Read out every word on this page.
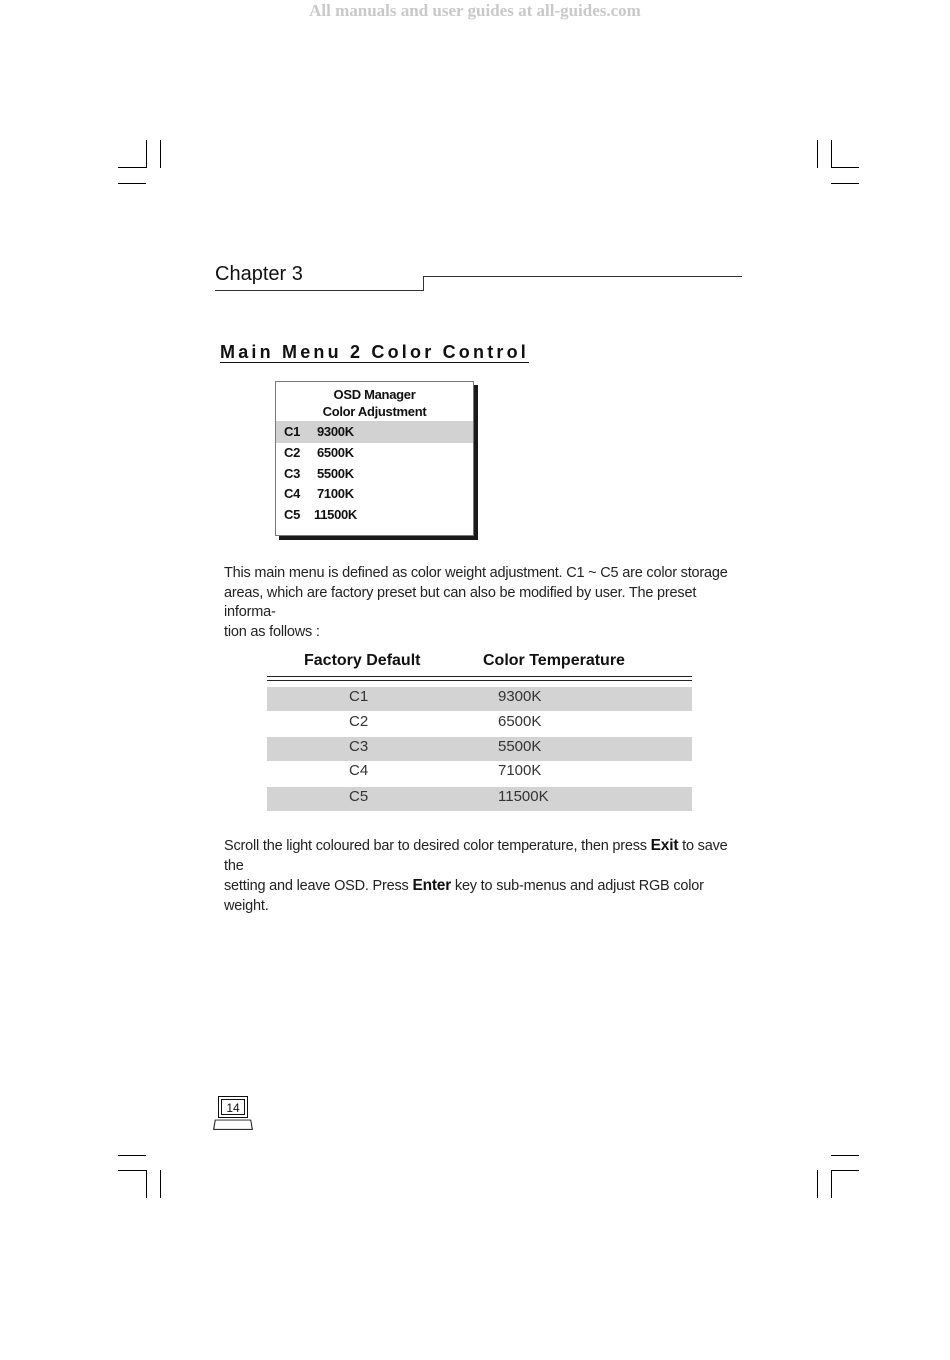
All manuals and user guides at all-guides.com
Chapter 3
Main Menu 2 Color Control
OSD Manager
Color Adjustment
C1 9300K
C2 6500K
C3 5500K
C4 7100K
C5 11500K
This main menu is defined as color weight adjustment. C1 ~ C5 are color storage
areas, which are factory preset but can also be modified by user. The preset informa-
tion as follows :
Factory Default	Color Temperature
C1	9300K
C2	6500K
C3	5500K
C4	7100K
C5	11500K
Scroll the light coloured bar to desired color temperature, then press Exit to save the
setting and leave OSD. Press Enter key to sub-menus and adjust RGB color weight.
14
